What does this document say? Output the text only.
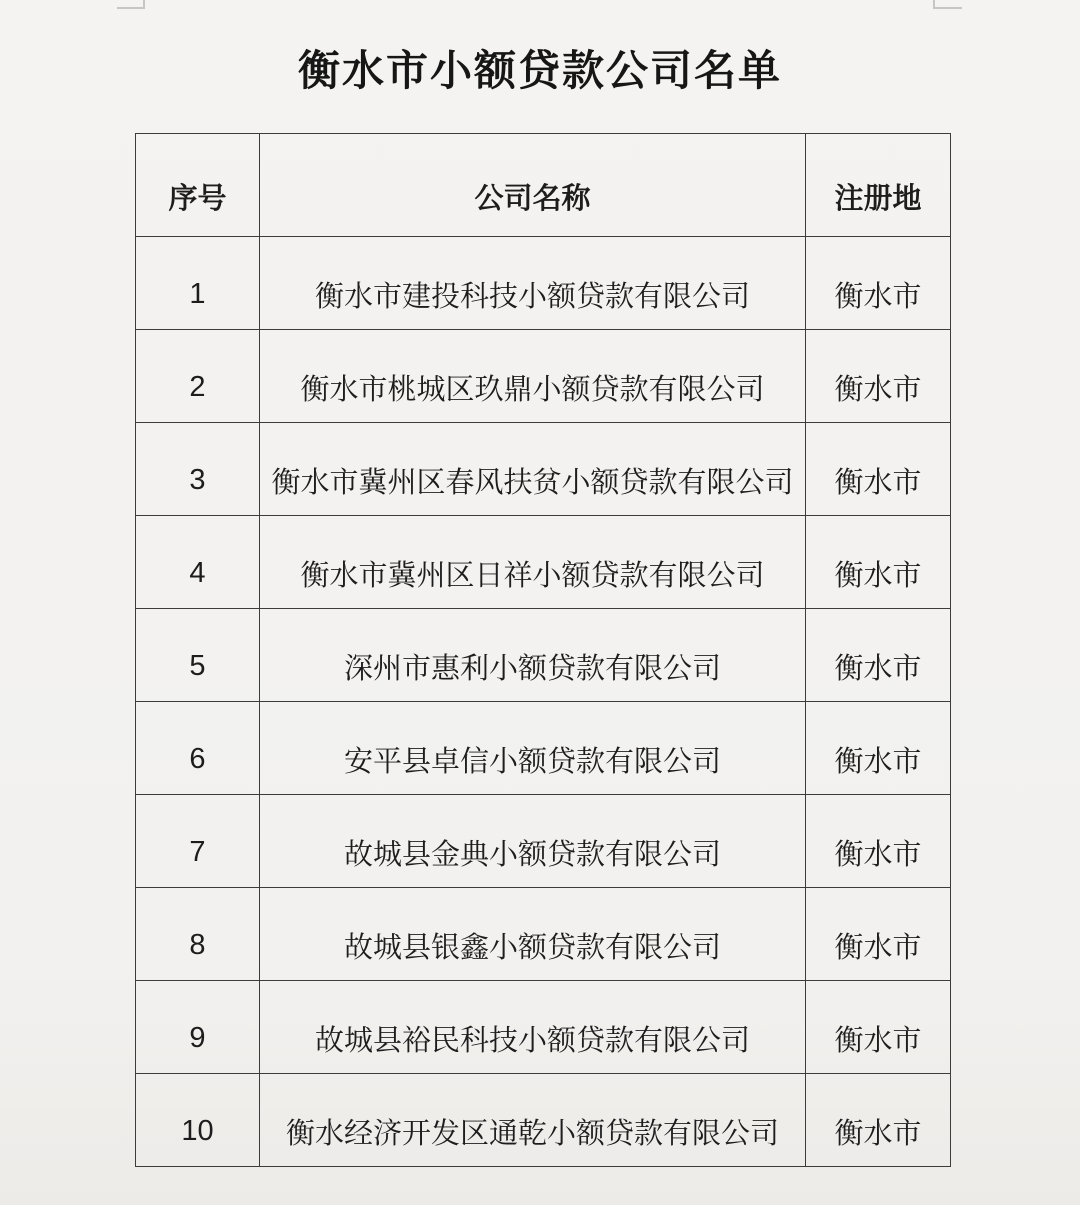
衡水市小额贷款公司名单
序号	公司名称	注册地
1	衡水市建投科技小额贷款有限公司	衡水市
2	衡水市桃城区玖鼎小额贷款有限公司	衡水市
3	衡水市冀州区春风扶贫小额贷款有限公司	衡水市
4	衡水市冀州区日祥小额贷款有限公司	衡水市
5	深州市惠利小额贷款有限公司	衡水市
6	安平县卓信小额贷款有限公司	衡水市
7	故城县金典小额贷款有限公司	衡水市
8	故城县银鑫小额贷款有限公司	衡水市
9	故城县裕民科技小额贷款有限公司	衡水市
10	衡水经济开发区通乾小额贷款有限公司	衡水市
